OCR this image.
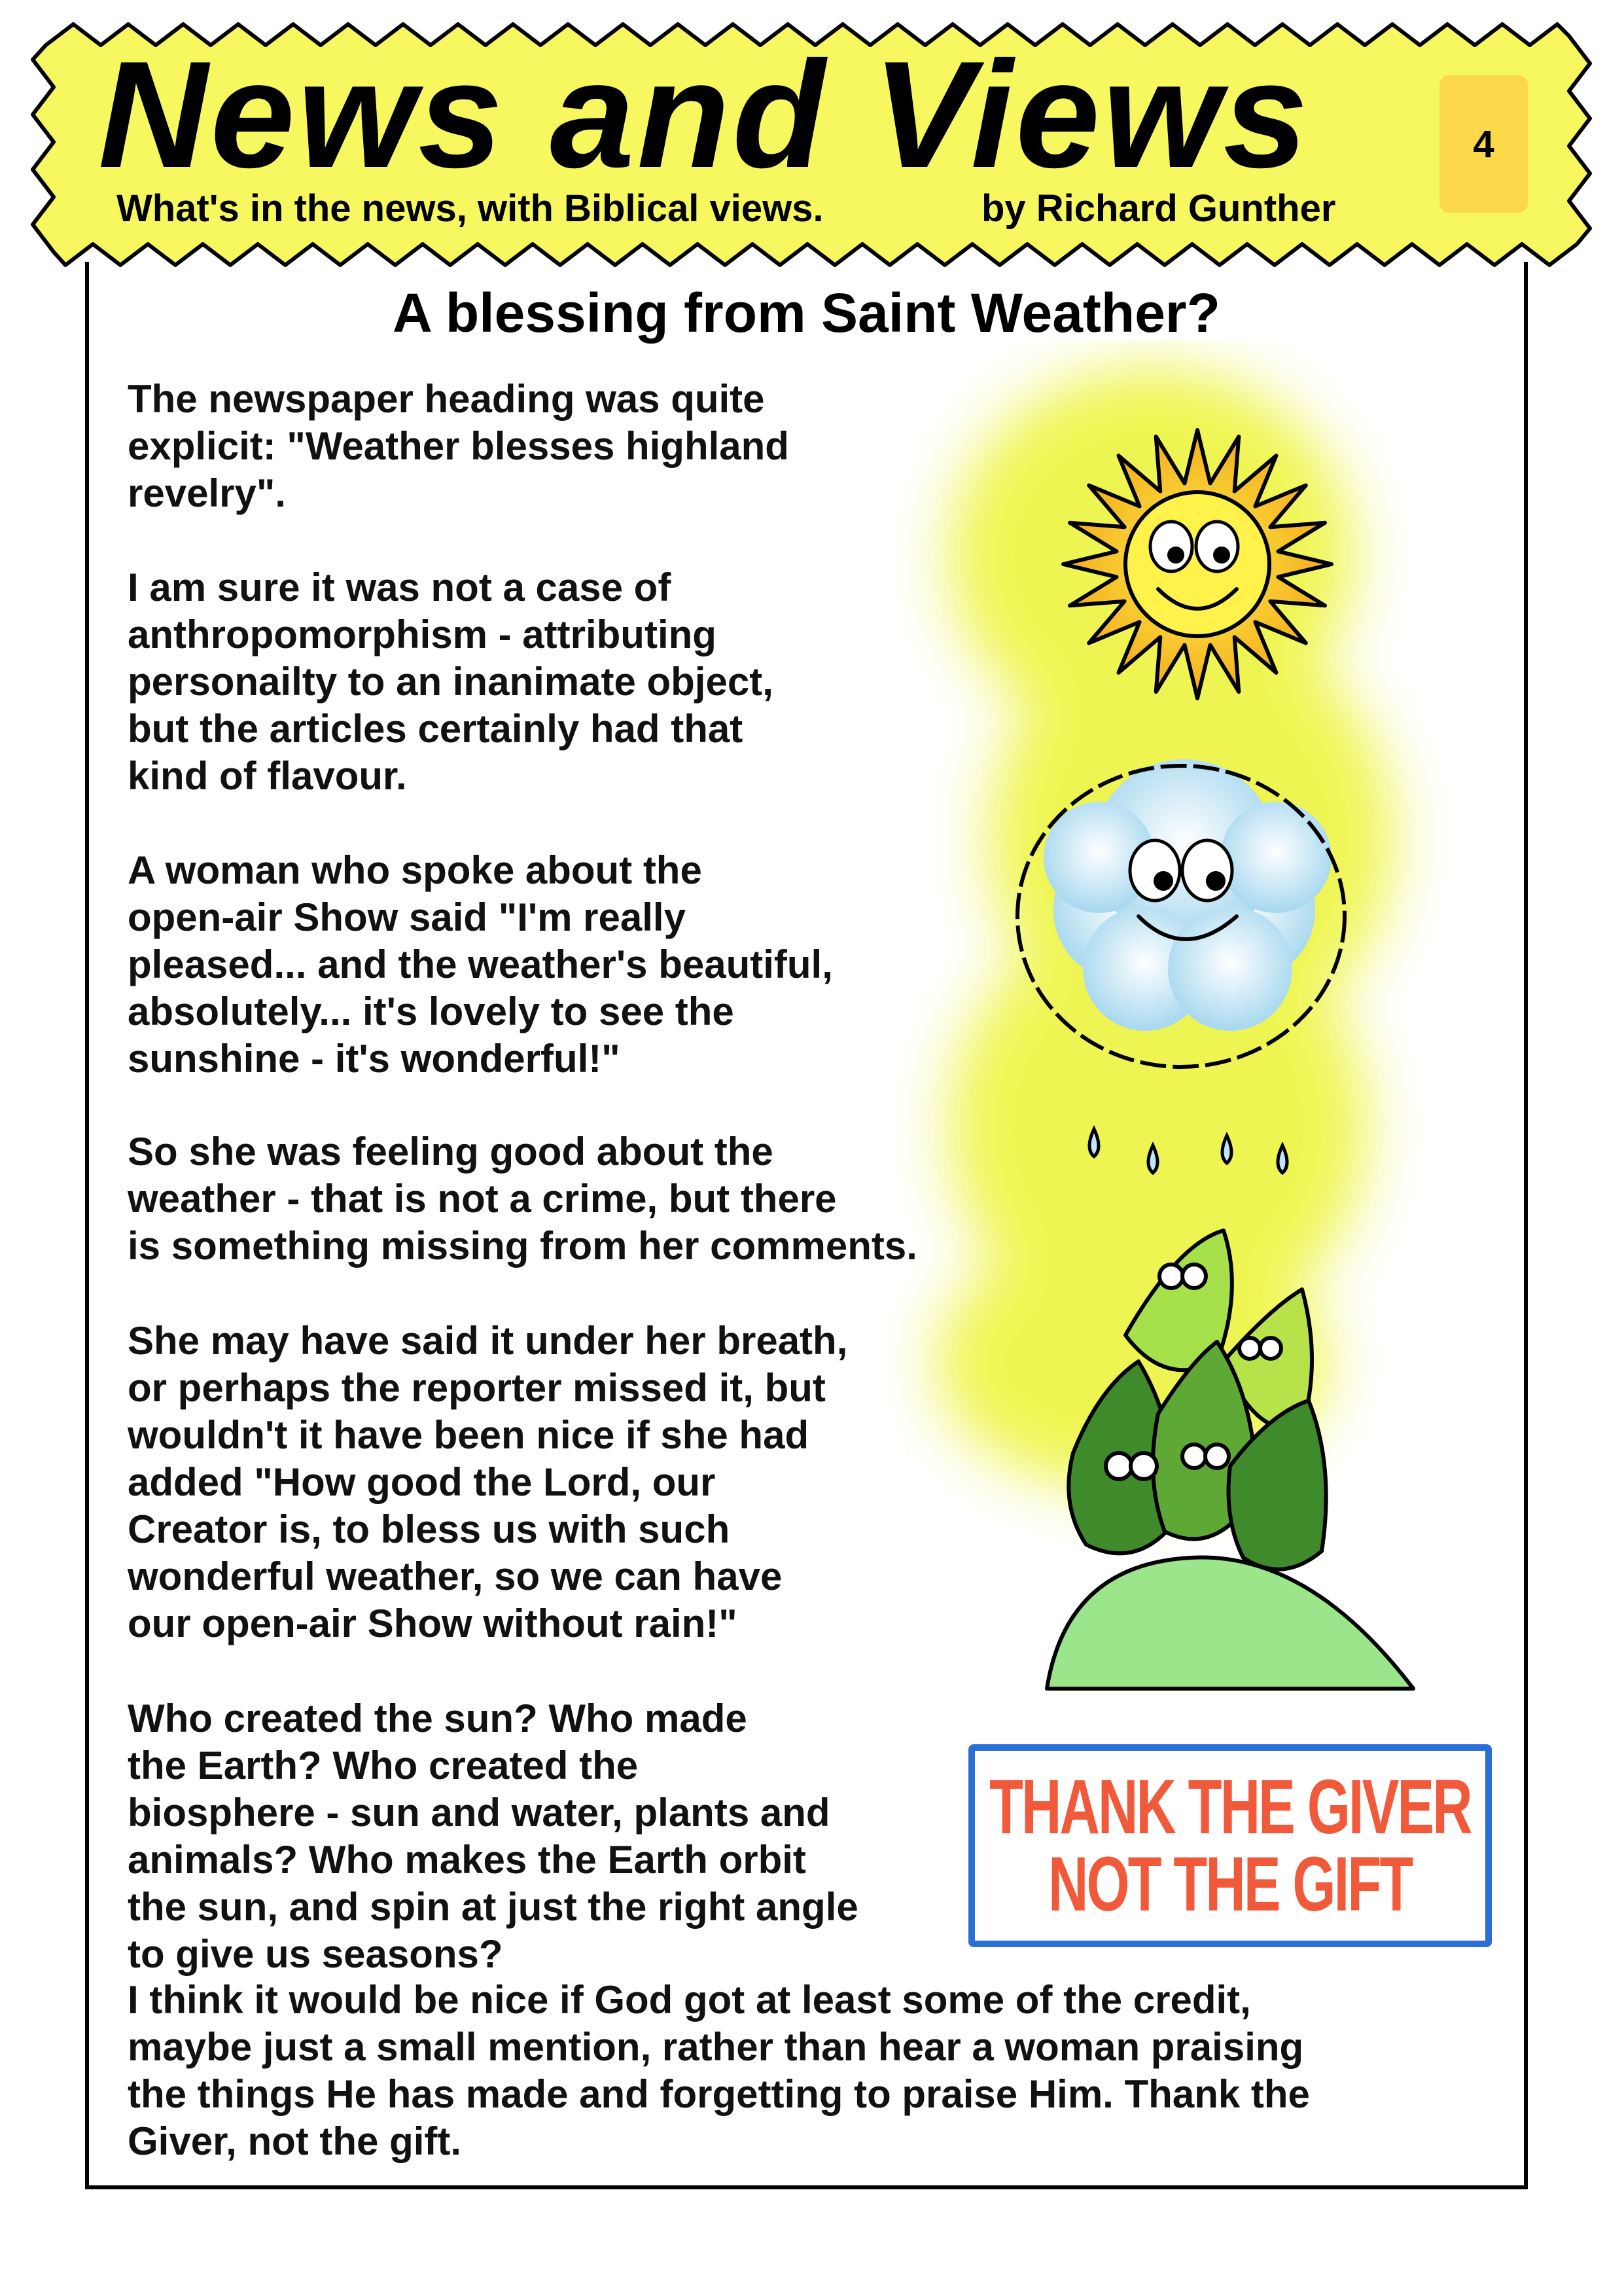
News and Views
What's in the news, with Biblical views.	by Richard Gunther
4
A blessing from Saint Weather?

The newspaper heading was quite
explicit: "Weather blesses highland
revelry".

I am sure it was not a case of
anthropomorphism - attributing
personailty to an inanimate object,
but the articles certainly had that
kind of flavour.

A woman who spoke about the
open-air Show said "I'm really
pleased... and the weather's beautiful,
absolutely... it's lovely to see the
sunshine - it's wonderful!"

So she was feeling good about the
weather - that is not a crime, but there
is something missing from her comments.

She may have said it under her breath,
or perhaps the reporter missed it, but
wouldn't it have been nice if she had
added "How good the Lord, our
Creator is, to bless us with such
wonderful weather, so we can have
our open-air Show without rain!"

Who created the sun? Who made
the Earth? Who created the
biosphere - sun and water, plants and
animals? Who makes the Earth orbit
the sun, and spin at just the right angle
to give us seasons?

I think it would be nice if God got at least some of the credit,
maybe just a small mention, rather than hear a woman praising
the things He has made and forgetting to praise Him. Thank the
Giver, not the gift.

THANK THE GIVER
NOT THE GIFT
